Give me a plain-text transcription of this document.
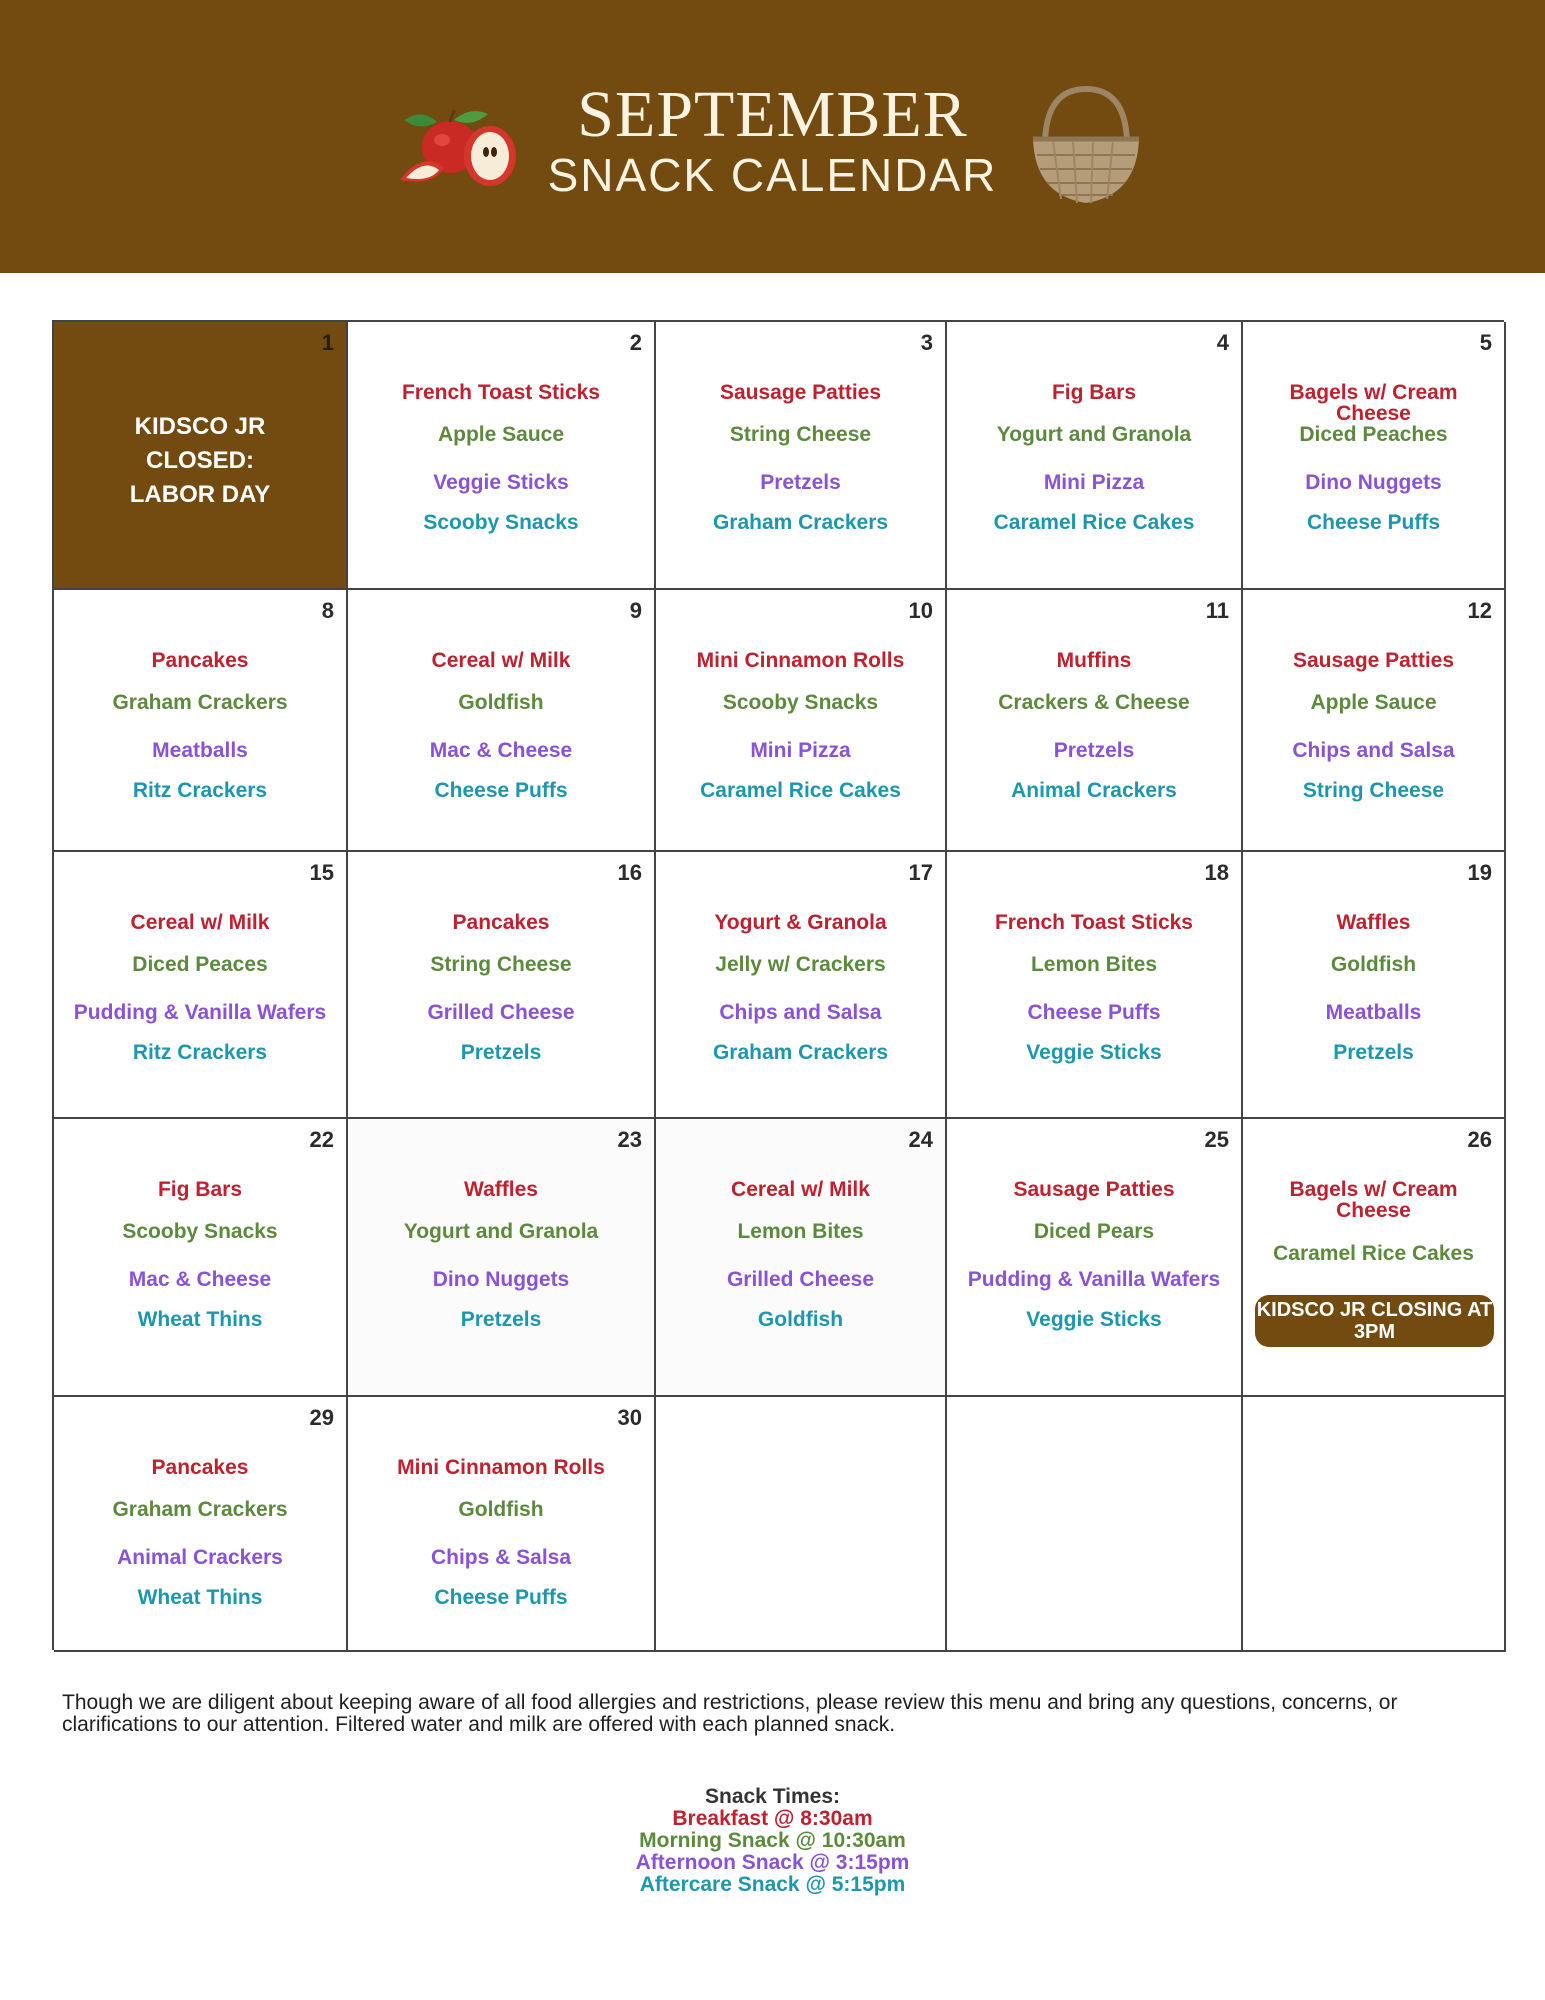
SEPTEMBER
SNACK CALENDAR
1
KIDSCO JR
CLOSED:
LABOR DAY
2
French Toast Sticks
Apple Sauce
Veggie Sticks
Scooby Snacks
3
Sausage Patties
String Cheese
Pretzels
Graham Crackers
4
Fig Bars
Yogurt and Granola
Mini Pizza
Caramel Rice Cakes
5
Bagels w/ Cream Cheese
Diced Peaches
Dino Nuggets
Cheese Puffs
8
Pancakes
Graham Crackers
Meatballs
Ritz Crackers
9
Cereal w/ Milk
Goldfish
Mac & Cheese
Cheese Puffs
10
Mini Cinnamon Rolls
Scooby Snacks
Mini Pizza
Caramel Rice Cakes
11
Muffins
Crackers & Cheese
Pretzels
Animal Crackers
12
Sausage Patties
Apple Sauce
Chips and Salsa
String Cheese
15
Cereal w/ Milk
Diced Peaces
Pudding & Vanilla Wafers
Ritz Crackers
16
Pancakes
String Cheese
Grilled Cheese
Pretzels
17
Yogurt & Granola
Jelly w/ Crackers
Chips and Salsa
Graham Crackers
18
French Toast Sticks
Lemon Bites
Cheese Puffs
Veggie Sticks
19
Waffles
Goldfish
Meatballs
Pretzels
22
Fig Bars
Scooby Snacks
Mac & Cheese
Wheat Thins
23
Waffles
Yogurt and Granola
Dino Nuggets
Pretzels
24
Cereal w/ Milk
Lemon Bites
Grilled Cheese
Goldfish
25
Sausage Patties
Diced Pears
Pudding & Vanilla Wafers
Veggie Sticks
26
Bagels w/ Cream Cheese
Caramel Rice Cakes
KIDSCO JR CLOSING AT 3PM
29
Pancakes
Graham Crackers
Animal Crackers
Wheat Thins
30
Mini Cinnamon Rolls
Goldfish
Chips & Salsa
Cheese Puffs
Though we are diligent about keeping aware of all food allergies and restrictions, please review this menu and bring any questions, concerns, or clarifications to our attention. Filtered water and milk are offered with each planned snack.
Snack Times:
Breakfast @ 8:30am
Morning Snack @ 10:30am
Afternoon Snack @ 3:15pm
Aftercare Snack @ 5:15pm
